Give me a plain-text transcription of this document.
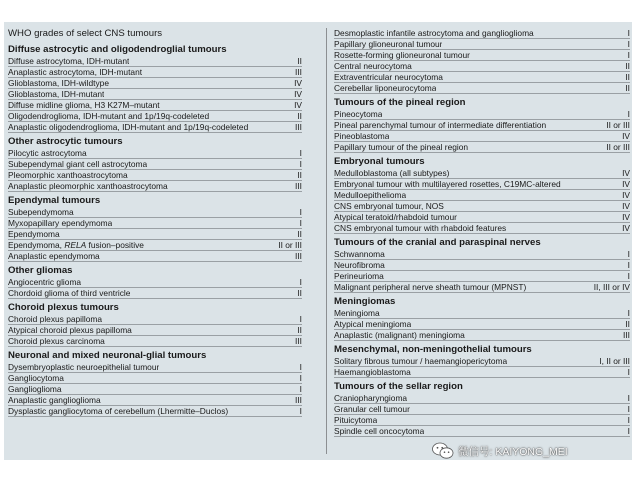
WHO grades of select CNS tumours
Diffuse astrocytic and oligodendroglial tumours
Diffuse astrocytoma, IDH-mutant	II
Anaplastic astrocytoma, IDH-mutant	III
Glioblastoma, IDH-wildtype	IV
Glioblastoma, IDH-mutant	IV
Diffuse midline glioma, H3 K27M–mutant	IV
Oligodendroglioma, IDH-mutant and 1p/19q-codeleted	II
Anaplastic oligodendroglioma, IDH-mutant and 1p/19q-codeleted	III
Other astrocytic tumours
Pilocytic astrocytoma	I
Subependymal giant cell astrocytoma	I
Pleomorphic xanthoastrocytoma	II
Anaplastic pleomorphic xanthoastrocytoma	III
Ependymal tumours
Subependymoma	I
Myxopapillary ependymoma	I
Ependymoma	II
Ependymoma, RELA fusion–positive	II or III
Anaplastic ependymoma	III
Other gliomas
Angiocentric glioma	I
Chordoid glioma of third ventricle	II
Choroid plexus tumours
Choroid plexus papilloma	I
Atypical choroid plexus papilloma	II
Choroid plexus carcinoma	III
Neuronal and mixed neuronal-glial tumours
Dysembryoplastic neuroepithelial tumour	I
Gangliocytoma	I
Ganglioglioma	I
Anaplastic ganglioglioma	III
Dysplastic gangliocytoma of cerebellum (Lhermitte–Duclos)	I
Desmoplastic infantile astrocytoma and ganglioglioma	I
Papillary glioneuronal tumour	I
Rosette-forming glioneuronal tumour	I
Central neurocytoma	II
Extraventricular neurocytoma	II
Cerebellar liponeurocytoma	II
Tumours of the pineal region
Pineocytoma	I
Pineal parenchymal tumour of intermediate differentiation	II or III
Pineoblastoma	IV
Papillary tumour of the pineal region	II or III
Embryonal tumours
Medulloblastoma (all subtypes)	IV
Embryonal tumour with multilayered rosettes, C19MC-altered	IV
Medulloepithelioma	IV
CNS embryonal tumour, NOS	IV
Atypical teratoid/rhabdoid tumour	IV
CNS embryonal tumour with rhabdoid features	IV
Tumours of the cranial and paraspinal nerves
Schwannoma	I
Neurofibroma	I
Perineurioma	I
Malignant peripheral nerve sheath tumour (MPNST)	II, III or IV
Meningiomas
Meningioma	I
Atypical meningioma	II
Anaplastic (malignant) meningioma	III
Mesenchymal, non-meningothelial tumours
Solitary fibrous tumour / haemangiopericytoma	I, II or III
Haemangioblastoma	I
Tumours of the sellar region
Craniopharyngioma	I
Granular cell tumour	I
Pituicytoma	I
Spindle cell oncocytoma	I
微信号: KAIYONG_MEI
